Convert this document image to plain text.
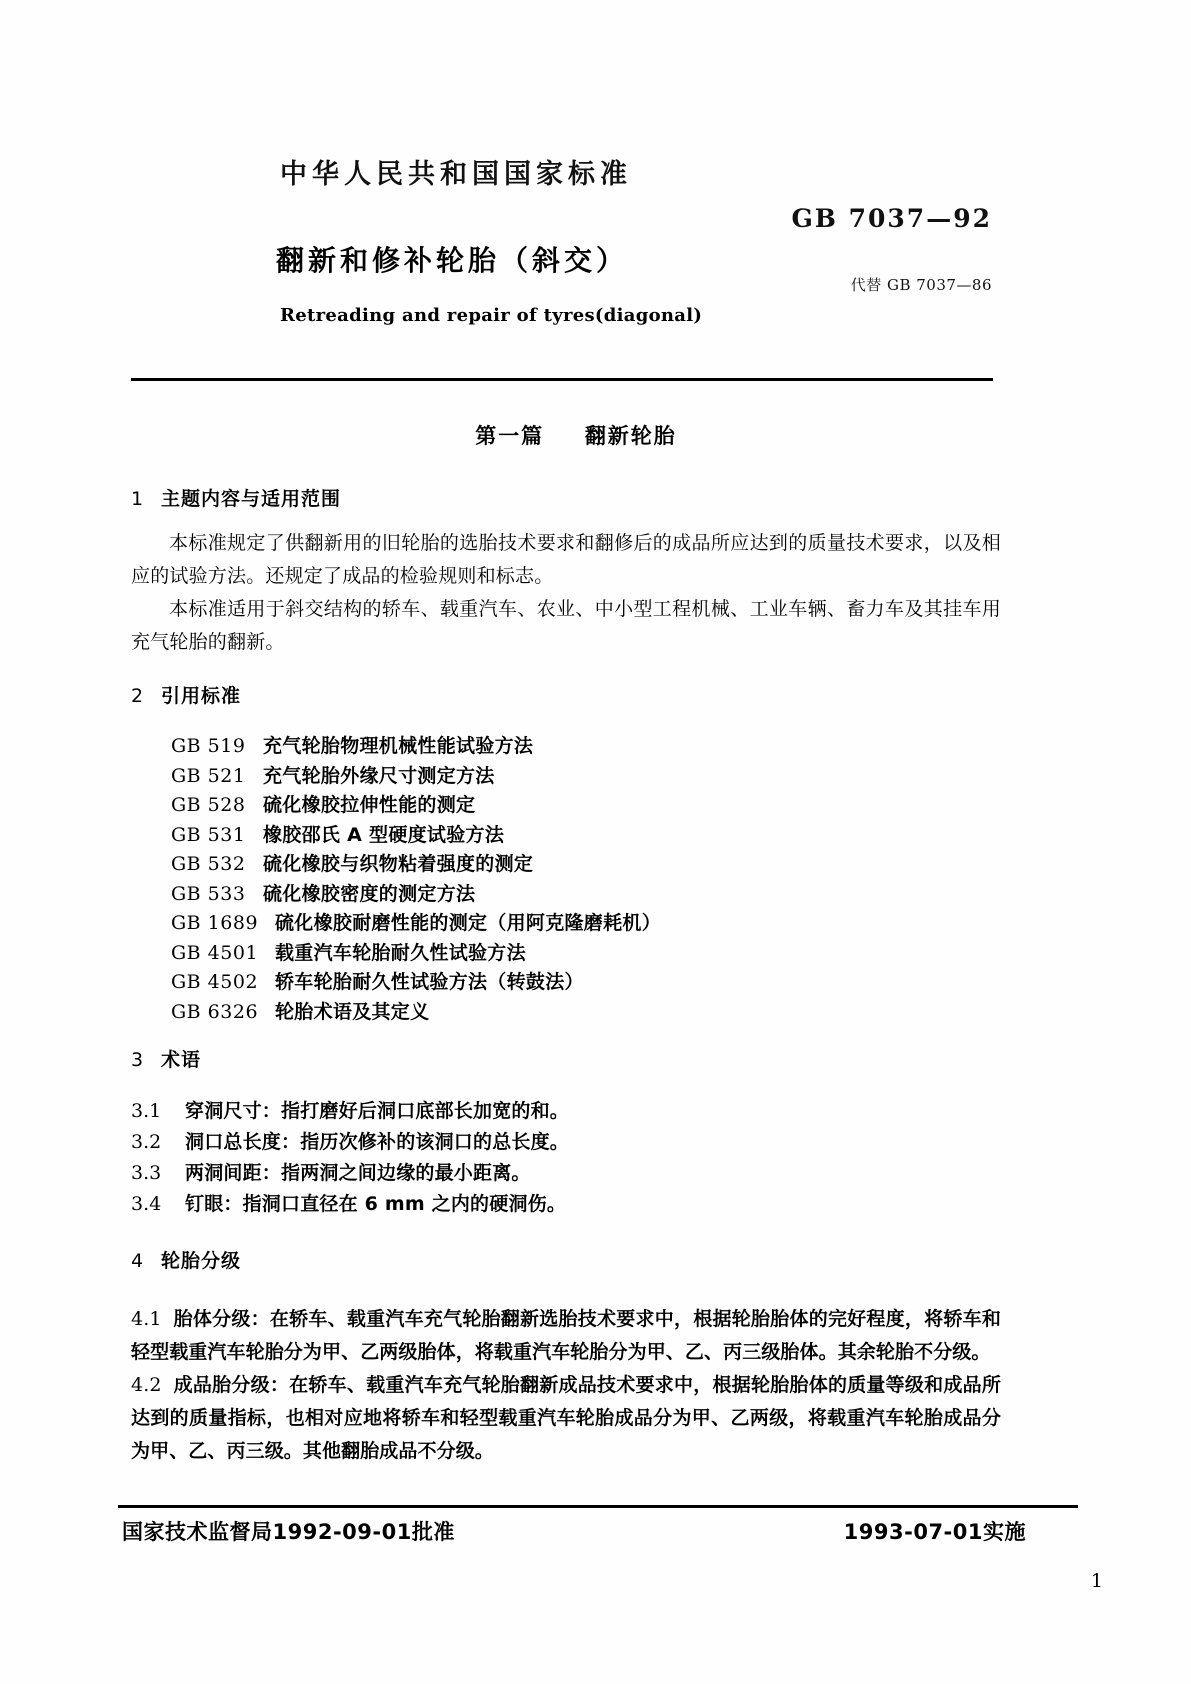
中华人民共和国国家标准
GB 7037—92
翻新和修补轮胎（斜交）
代替 GB 7037—86
Retreading and repair of tyres(diagonal)
第一篇 翻新轮胎
1 主题内容与适用范围

本标准规定了供翻新用的旧轮胎的选胎技术要求和翻修后的成品所应达到的质量技术要求，以及相应的试验方法。还规定了成品的检验规则和标志。

本标准适用于斜交结构的轿车、载重汽车、农业、中小型工程机械、工业车辆、畜力车及其挂车用充气轮胎的翻新。

2 引用标准
GB 519 充气轮胎物理机械性能试验方法
GB 521 充气轮胎外缘尺寸测定方法
GB 528 硫化橡胶拉伸性能的测定
GB 531 橡胶邵氏 A 型硬度试验方法
GB 532 硫化橡胶与织物粘着强度的测定
GB 533 硫化橡胶密度的测定方法
GB 1689 硫化橡胶耐磨性能的测定（用阿克隆磨耗机）
GB 4501 载重汽车轮胎耐久性试验方法
GB 4502 轿车轮胎耐久性试验方法（转鼓法）
GB 6326 轮胎术语及其定义
3 术语
3.1 穿洞尺寸：指打磨好后洞口底部长加宽的和。
3.2 洞口总长度：指历次修补的该洞口的总长度。
3.3 两洞间距：指两洞之间边缘的最小距离。
3.4 钉眼：指洞口直径在 6 mm 之内的硬洞伤。
4 轮胎分级

4.1 胎体分级：在轿车、载重汽车充气轮胎翻新选胎技术要求中，根据轮胎胎体的完好程度，将轿车和轻型载重汽车轮胎分为甲、乙两级胎体，将载重汽车轮胎分为甲、乙、丙三级胎体。其余轮胎不分级。

4.2 成品胎分级：在轿车、载重汽车充气轮胎翻新成品技术要求中，根据轮胎胎体的质量等级和成品所达到的质量指标，也相对应地将轿车和轻型载重汽车轮胎成品分为甲、乙两级，将载重汽车轮胎成品分为甲、乙、丙三级。其他翻胎成品不分级。

国家技术监督局1992-09-01批准	1993-07-01实施
1
